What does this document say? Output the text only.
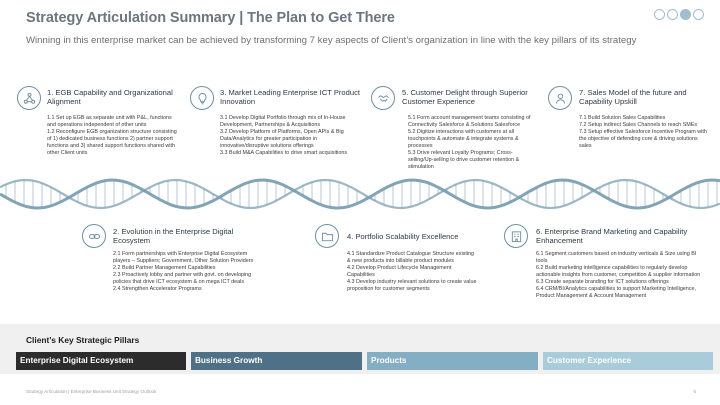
Strategy Articulation Summary | The Plan to Get There
Winning in this enterprise market can be achieved by transforming 7 key aspects of Client’s organization in line with the key pillars of its strategy
1. EGB Capability and Organizational Alignment
1.1 Set up EGB as separate unit with P&L, functions and operations independent of other units
1.2 Reconfigure EGB organization structure consisting of 1) dedicated business functions 2) partner support functions and 3) shared support functions shared with other Client units
3. Market Leading Enterprise ICT Product Innovation
3.1 Develop Digital Portfolio through mix of In-House Development, Partnerships & Acquisitions
3.2 Develop Platform of Platforms, Open APIs & Big Data/Analytics for greater participation in innovative/disruptive solutions offerings
3.3 Build M&A Capabilities to drive smart acquisitions
5. Customer Delight through Superior Customer Experience
5.1 Form account management teams consisting of Connectivity Salesforce & Solutions Salesforce
5.2 Digitize interactions with customers at all touchpoints & automate & integrate systems & processes
5.3 Drive relevant Loyalty Programs; Cross-selling/Up-selling to drive customer retention & stimulation
7. Sales Model of the future and Capability Upskill
7.1 Build Solution Sales Capabilities
7.2 Setup indirect Sales Channels to reach SMEs
7.3 Setup effective Salesforce Incentive Program with the objective of defending core & driving solutions sales
2. Evolution in the Enterprise Digital Ecosystem
2.1 Form partnerships with Enterprise Digital Ecosystem players – Suppliers; Government, Other Solution Providers
2.2 Build Partner Management Capabilities
2.3 Proactively lobby and partner with govt. on developing policies that drive ICT ecosystem & on mega ICT deals
2.4 Strengthen Accelerator Programs
4. Portfolio Scalability Excellence
4.1 Standardize Product Catalogue Structure existing & new products into billable product modules
4.2 Develop Product Lifecycle Management Capabilities
4.3 Develop industry relevant solutions to create value proposition for customer segments
6. Enterprise Brand Marketing and Capability Enhancement
6.1 Segment customers based on industry verticals & Size using BI tools
6.2 Build marketing intelligence capabilities to regularly develop actionable insights from customer, competition & supplier information
6.3 Create separate branding for ICT solutions offerings
6.4 CRM/BI/Analytics capabilities to support Marketing Intelligence, Product Management & Account Management
Client’s Key Strategic Pillars
Enterprise Digital Ecosystem	Business Growth	Products	Customer Experience
Strategy Articulation | Enterprise Business Unit Strategy Outlook	6
